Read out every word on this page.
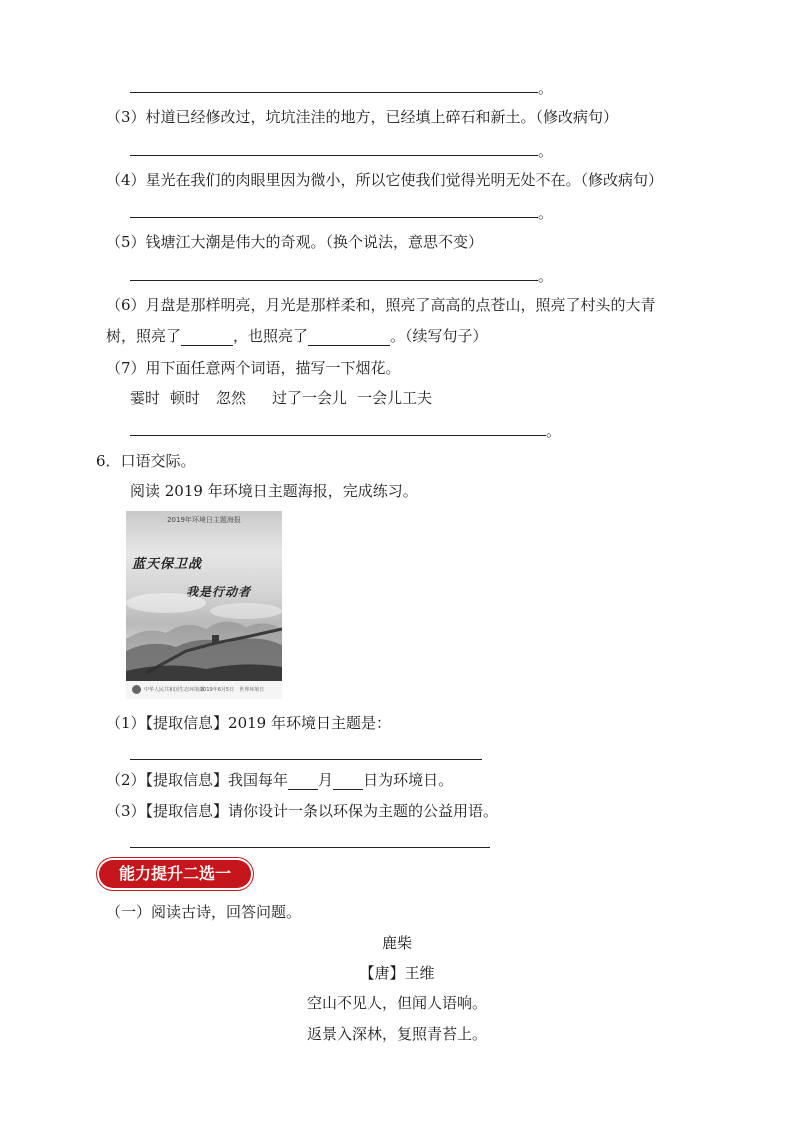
。
（3）村道已经修改过，坑坑洼洼的地方，已经填上碎石和新土。（修改病句）
。
（4）星光在我们的肉眼里因为微小，所以它使我们觉得光明无处不在。（修改病句）
。
（5）钱塘江大潮是伟大的奇观。（换个说法，意思不变）
。
（6）月盘是那样明亮，月光是那样柔和，照亮了高高的点苍山，照亮了村头的大青
树，照亮了	，也照亮了	。（续写句子）
（7）用下面任意两个词语，描写一下烟花。
霎时 顿时 忽然 过了一会儿 一会儿工夫
。
6．口语交际。
阅读 2019 年环境日主题海报，完成练习。
2019年环境日主题海报
蓝天保卫战
我是行动者
中华人民共和国生态环境部
2019年6月5日　世界环境日
（1）【提取信息】2019 年环境日主题是：
（2）【提取信息】我国每年 月 日为环境日。
（3）【提取信息】请你设计一条以环保为主题的公益用语。
能力提升二选一
（一）阅读古诗，回答问题。
鹿柴
【唐】王维
空山不见人，但闻人语响。
返景入深林，复照青苔上。
